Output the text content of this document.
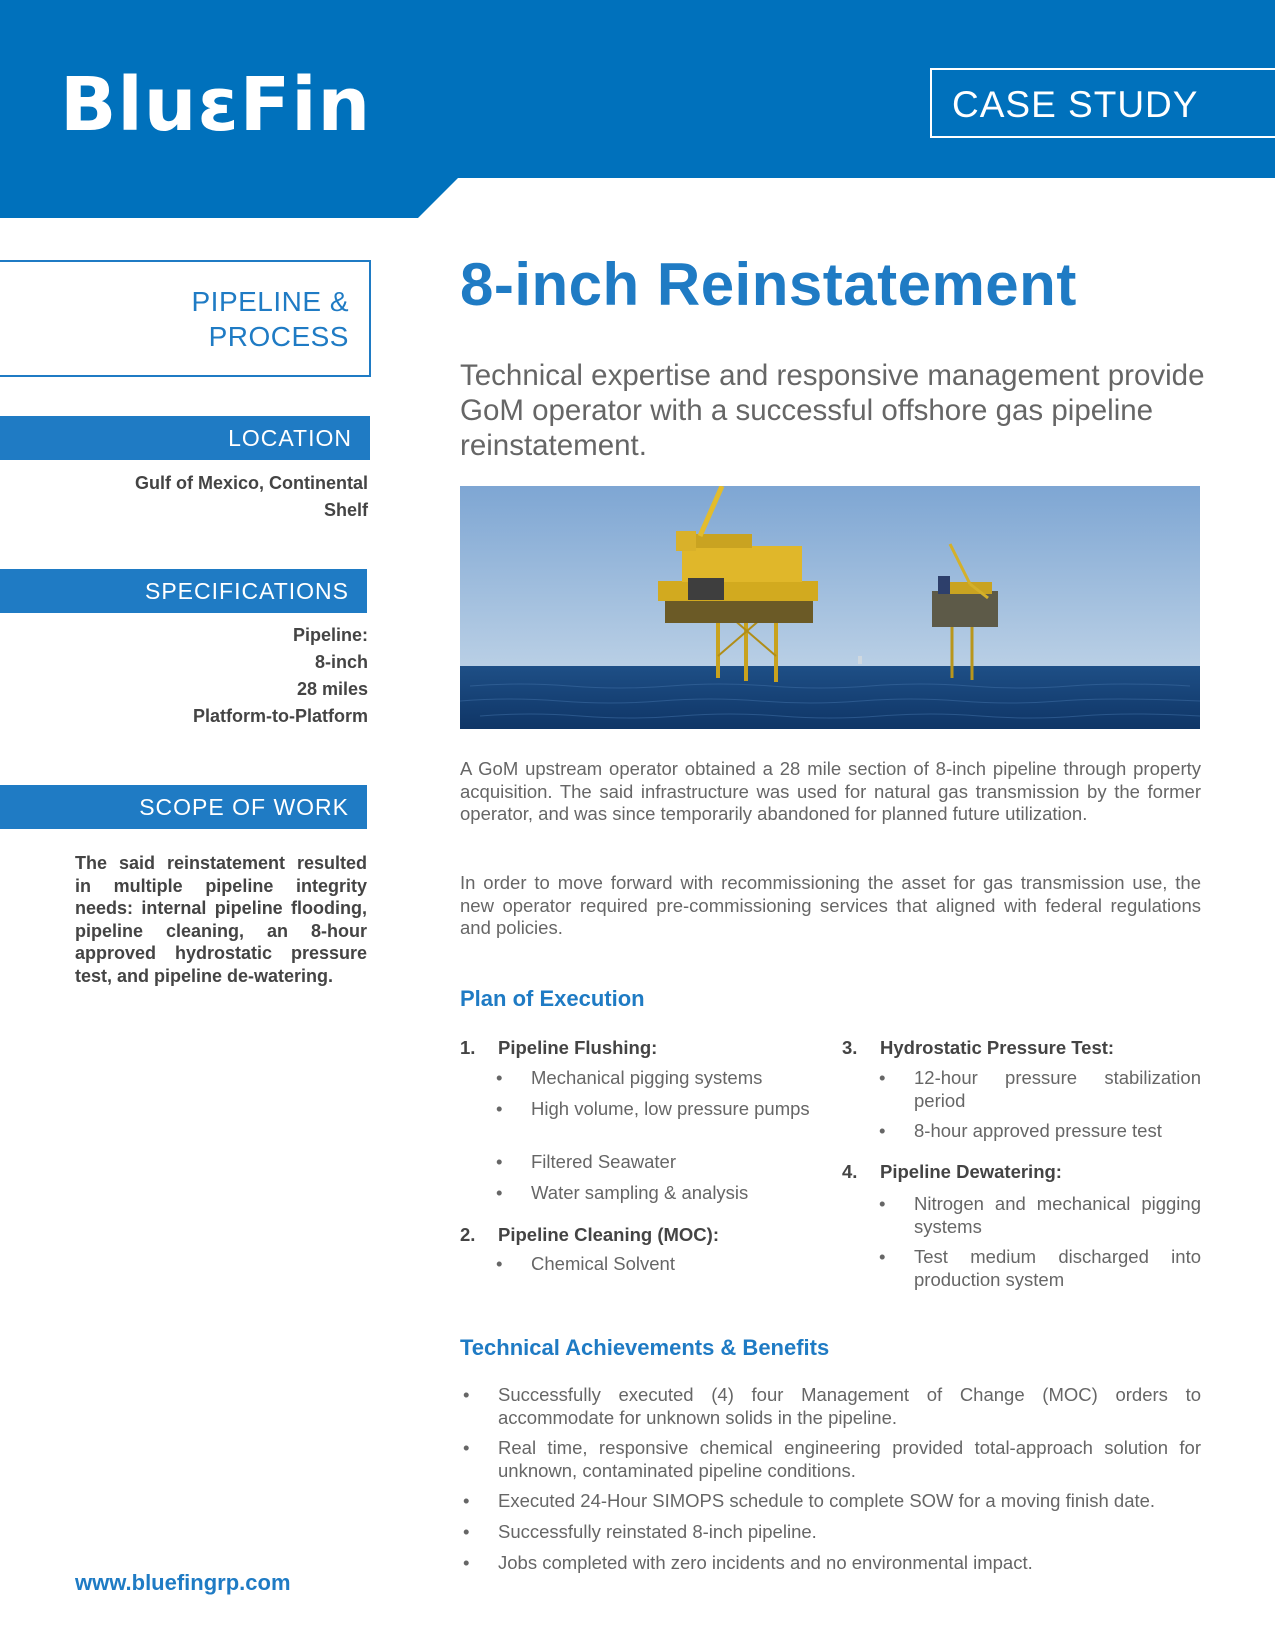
BluεFin	CASE STUDY
PIPELINE &
PROCESS
LOCATION
Gulf of Mexico, Continental
Shelf
SPECIFICATIONS
Pipeline:
8-inch
28 miles
Platform-to-Platform
SCOPE OF WORK
The said reinstatement resulted in multiple pipeline integrity needs: internal pipeline flooding, pipeline cleaning, an 8-hour approved hydrostatic pressure test, and pipeline de-watering.
www.bluefingrp.com
8-inch Reinstatement
Technical expertise and responsive management provide GoM operator with a successful offshore gas pipeline reinstatement.
A GoM upstream operator obtained a 28 mile section of 8-inch pipeline through property acquisition. The said infrastructure was used for natural gas transmission by the former operator, and was since temporarily abandoned for planned future utilization.
In order to move forward with recommissioning the asset for gas transmission use, the new operator required pre-commissioning services that aligned with federal regulations and policies.
Plan of Execution
1. Pipeline Flushing:
• Mechanical pigging systems
• High volume, low pressure pumps
• Filtered Seawater
• Water sampling & analysis
2. Pipeline Cleaning (MOC):
• Chemical Solvent
3. Hydrostatic Pressure Test:
• 12-hour pressure stabilization period
• 8-hour approved pressure test
4. Pipeline Dewatering:
• Nitrogen and mechanical pigging systems
• Test medium discharged into production system
Technical Achievements & Benefits
• Successfully executed (4) four Management of Change (MOC) orders to accommodate for unknown solids in the pipeline.
• Real time, responsive chemical engineering provided total-approach solution for unknown, contaminated pipeline conditions.
• Executed 24-Hour SIMOPS schedule to complete SOW for a moving finish date.
• Successfully reinstated 8-inch pipeline.
• Jobs completed with zero incidents and no environmental impact.
